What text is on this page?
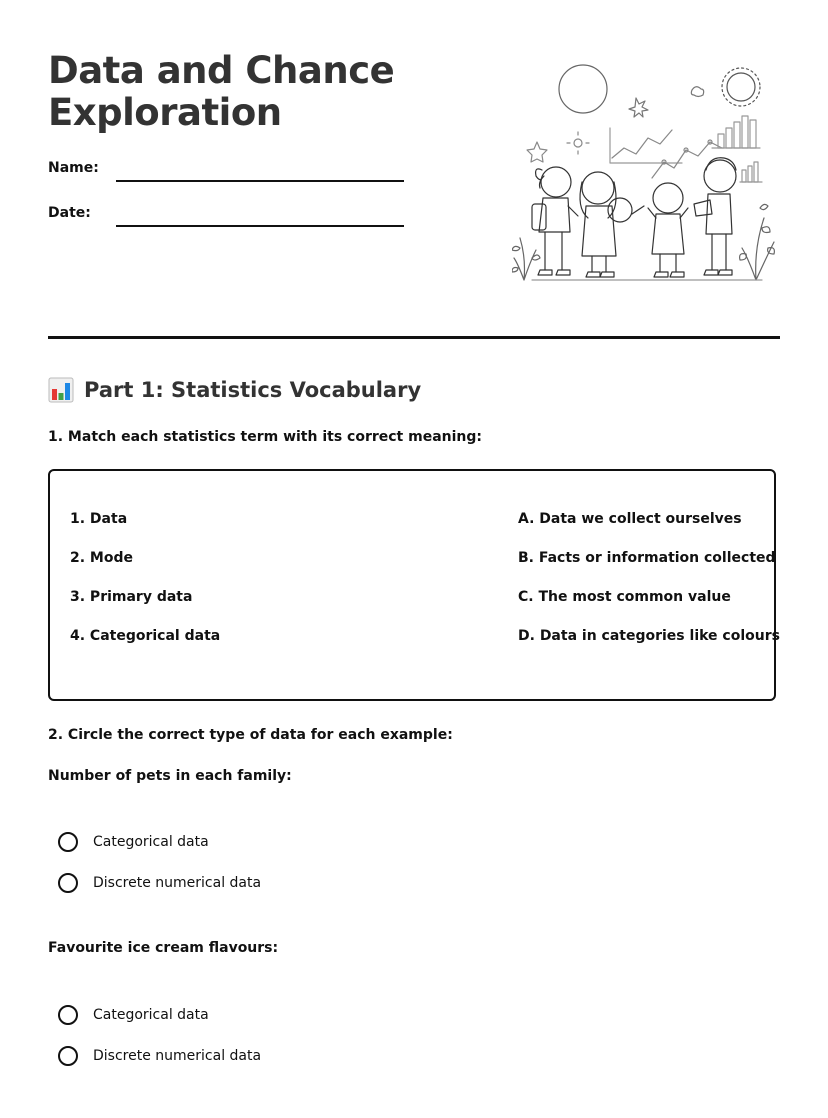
Data and Chance Exploration
Name:
Date:
Part 1: Statistics Vocabulary
1. Match each statistics term with its correct meaning:
1. Data
2. Mode
3. Primary data
4. Categorical data
A. Data we collect ourselves
B. Facts or information collected
C. The most common value
D. Data in categories like colours
2. Circle the correct type of data for each example:
Number of pets in each family:
Categorical data
Discrete numerical data
Favourite ice cream flavours:
Categorical data
Discrete numerical data
